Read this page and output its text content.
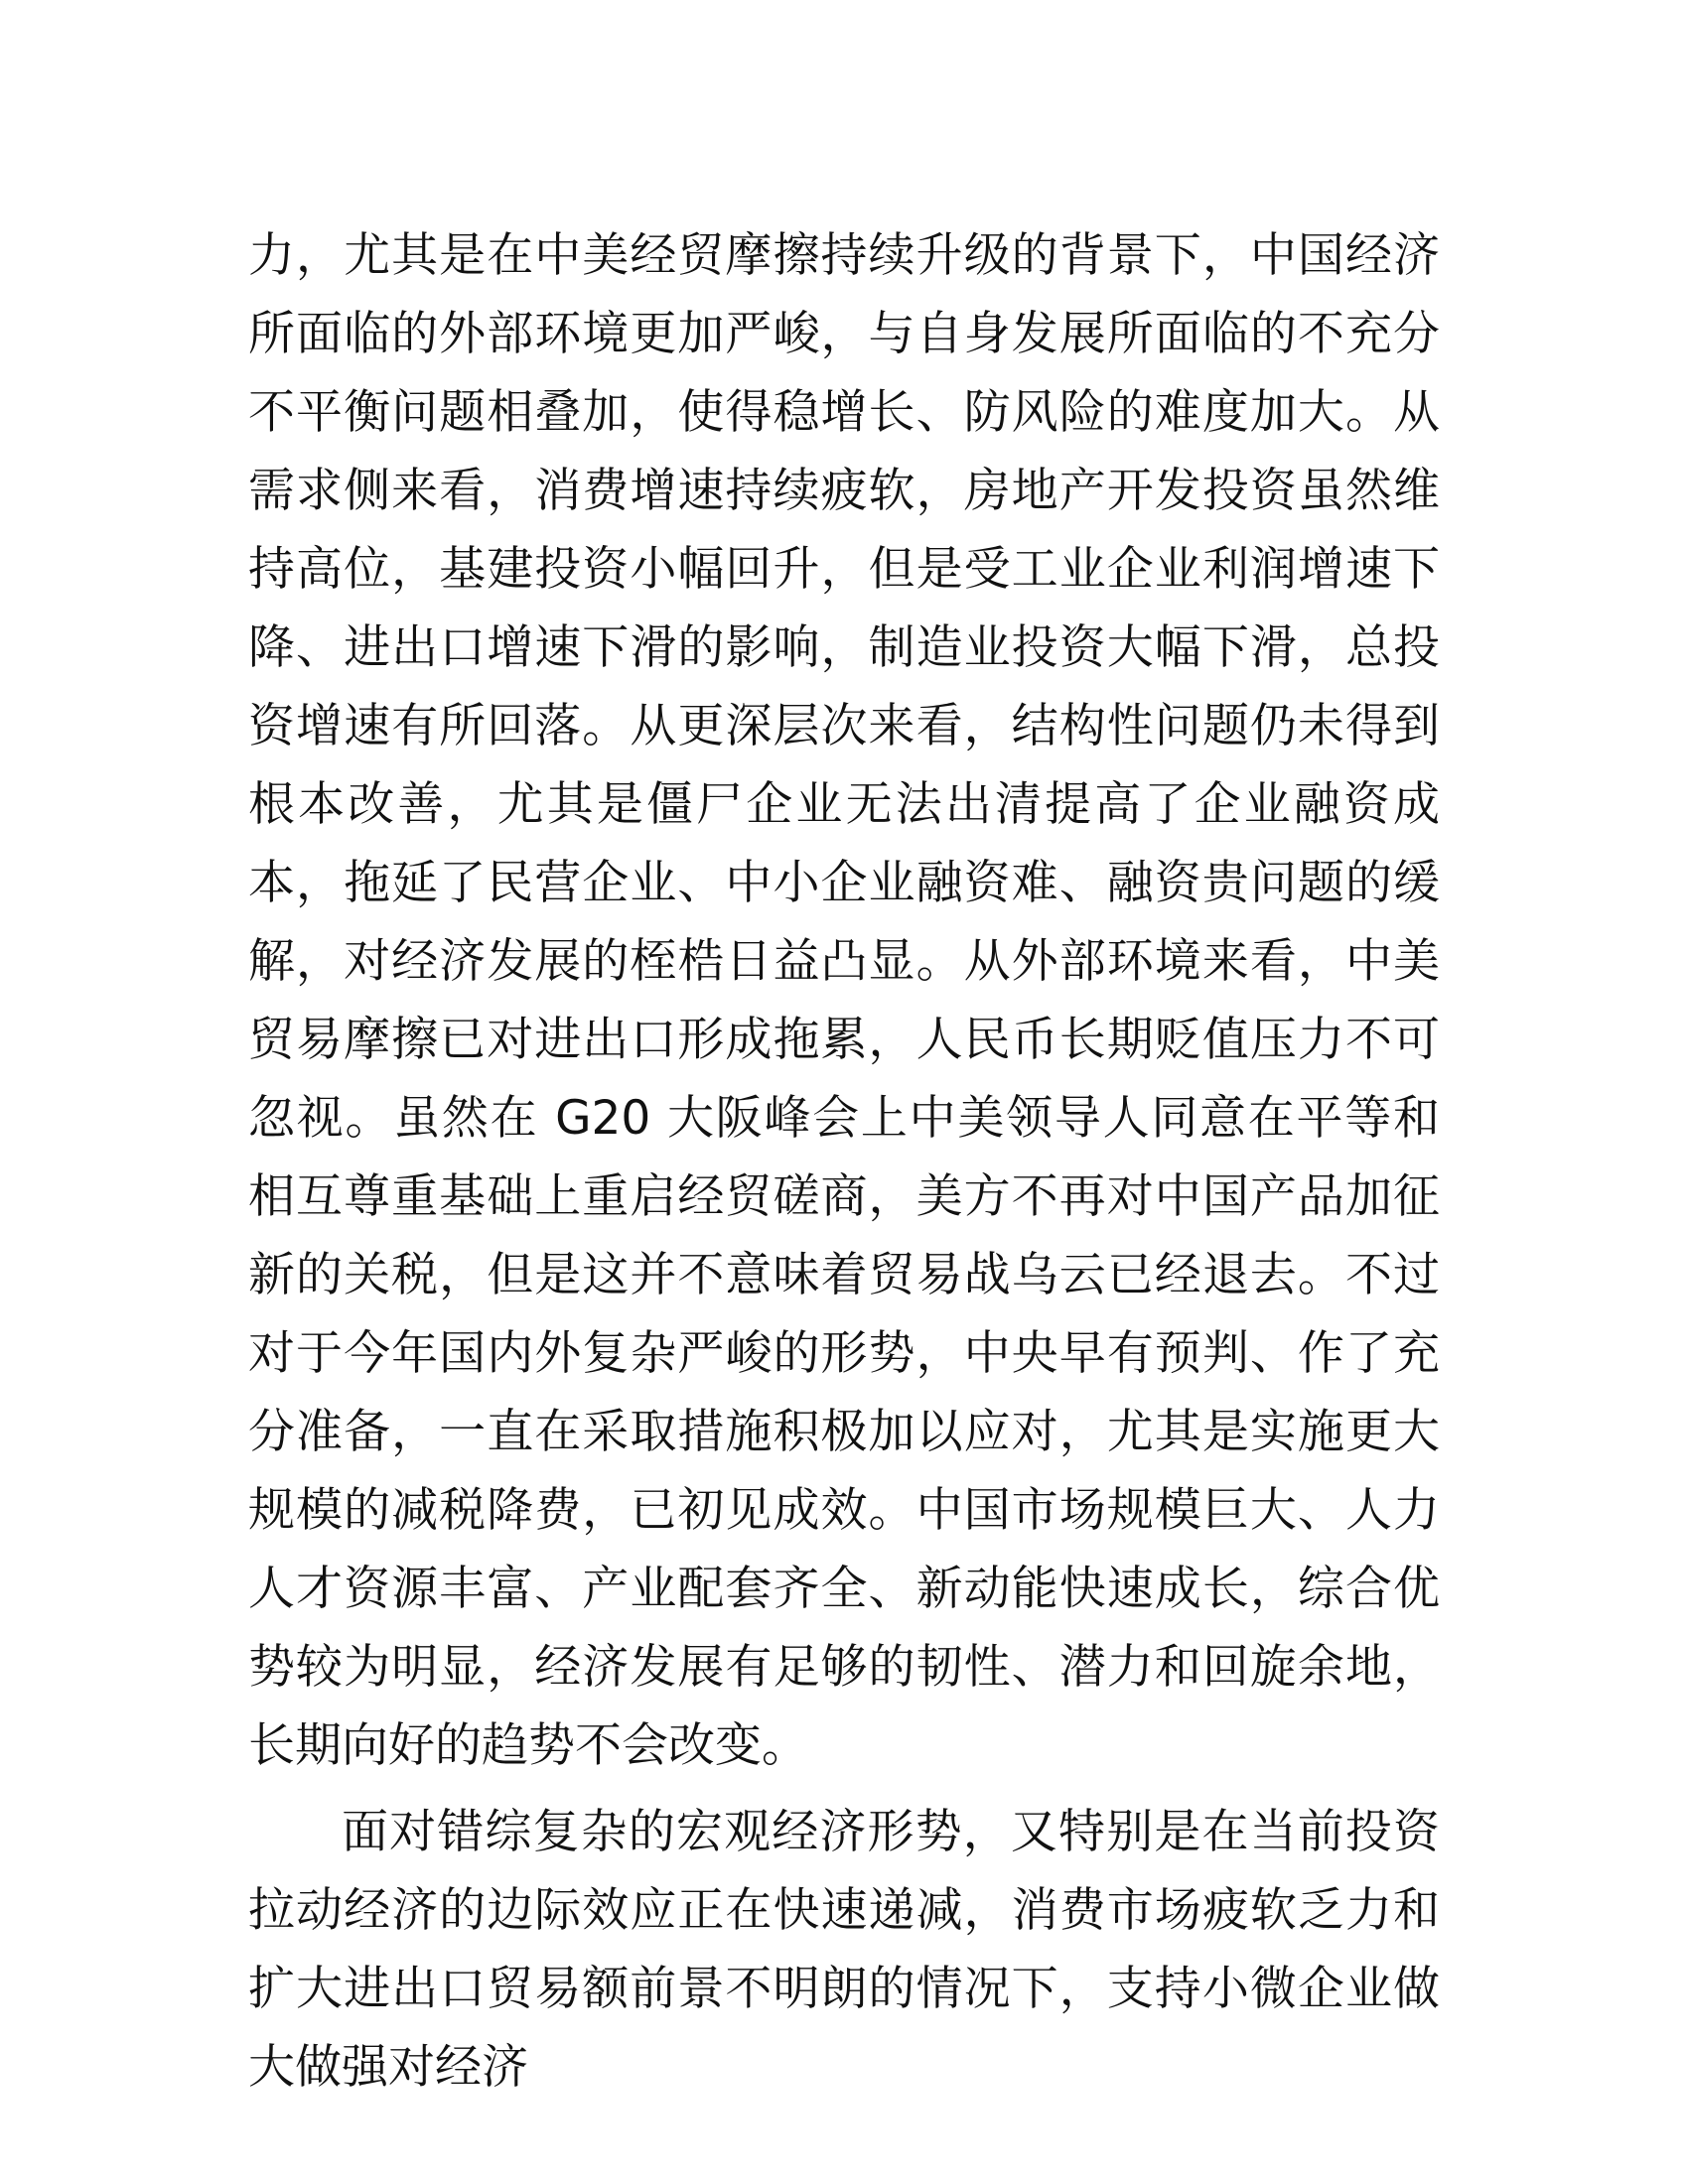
力，尤其是在中美经贸摩擦持续升级的背景下，中国经济所面临的外部环境更加严峻，与自身发展所面临的不充分不平衡问题相叠加，使得稳增长、防风险的难度加大。从需求侧来看，消费增速持续疲软，房地产开发投资虽然维持高位，基建投资小幅回升，但是受工业企业利润增速下降、进出口增速下滑的影响，制造业投资大幅下滑，总投资增速有所回落。从更深层次来看，结构性问题仍未得到根本改善，尤其是僵尸企业无法出清提高了企业融资成本，拖延了民营企业、中小企业融资难、融资贵问题的缓解，对经济发展的桎梏日益凸显。从外部环境来看，中美贸易摩擦已对进出口形成拖累，人民币长期贬值压力不可忽视。虽然在 G20 大阪峰会上中美领导人同意在平等和相互尊重基础上重启经贸磋商，美方不再对中国产品加征新的关税，但是这并不意味着贸易战乌云已经退去。不过对于今年国内外复杂严峻的形势，中央早有预判、作了充分准备，一直在采取措施积极加以应对，尤其是实施更大规模的减税降费，已初见成效。中国市场规模巨大、人力人才资源丰富、产业配套齐全、新动能快速成长，综合优势较为明显，经济发展有足够的韧性、潜力和回旋余地，长期向好的趋势不会改变。

面对错综复杂的宏观经济形势，又特别是在当前投资拉动经济的边际效应正在快速递减，消费市场疲软乏力和扩大进出口贸易额前景不明朗的情况下，支持小微企业做大做强对经济
